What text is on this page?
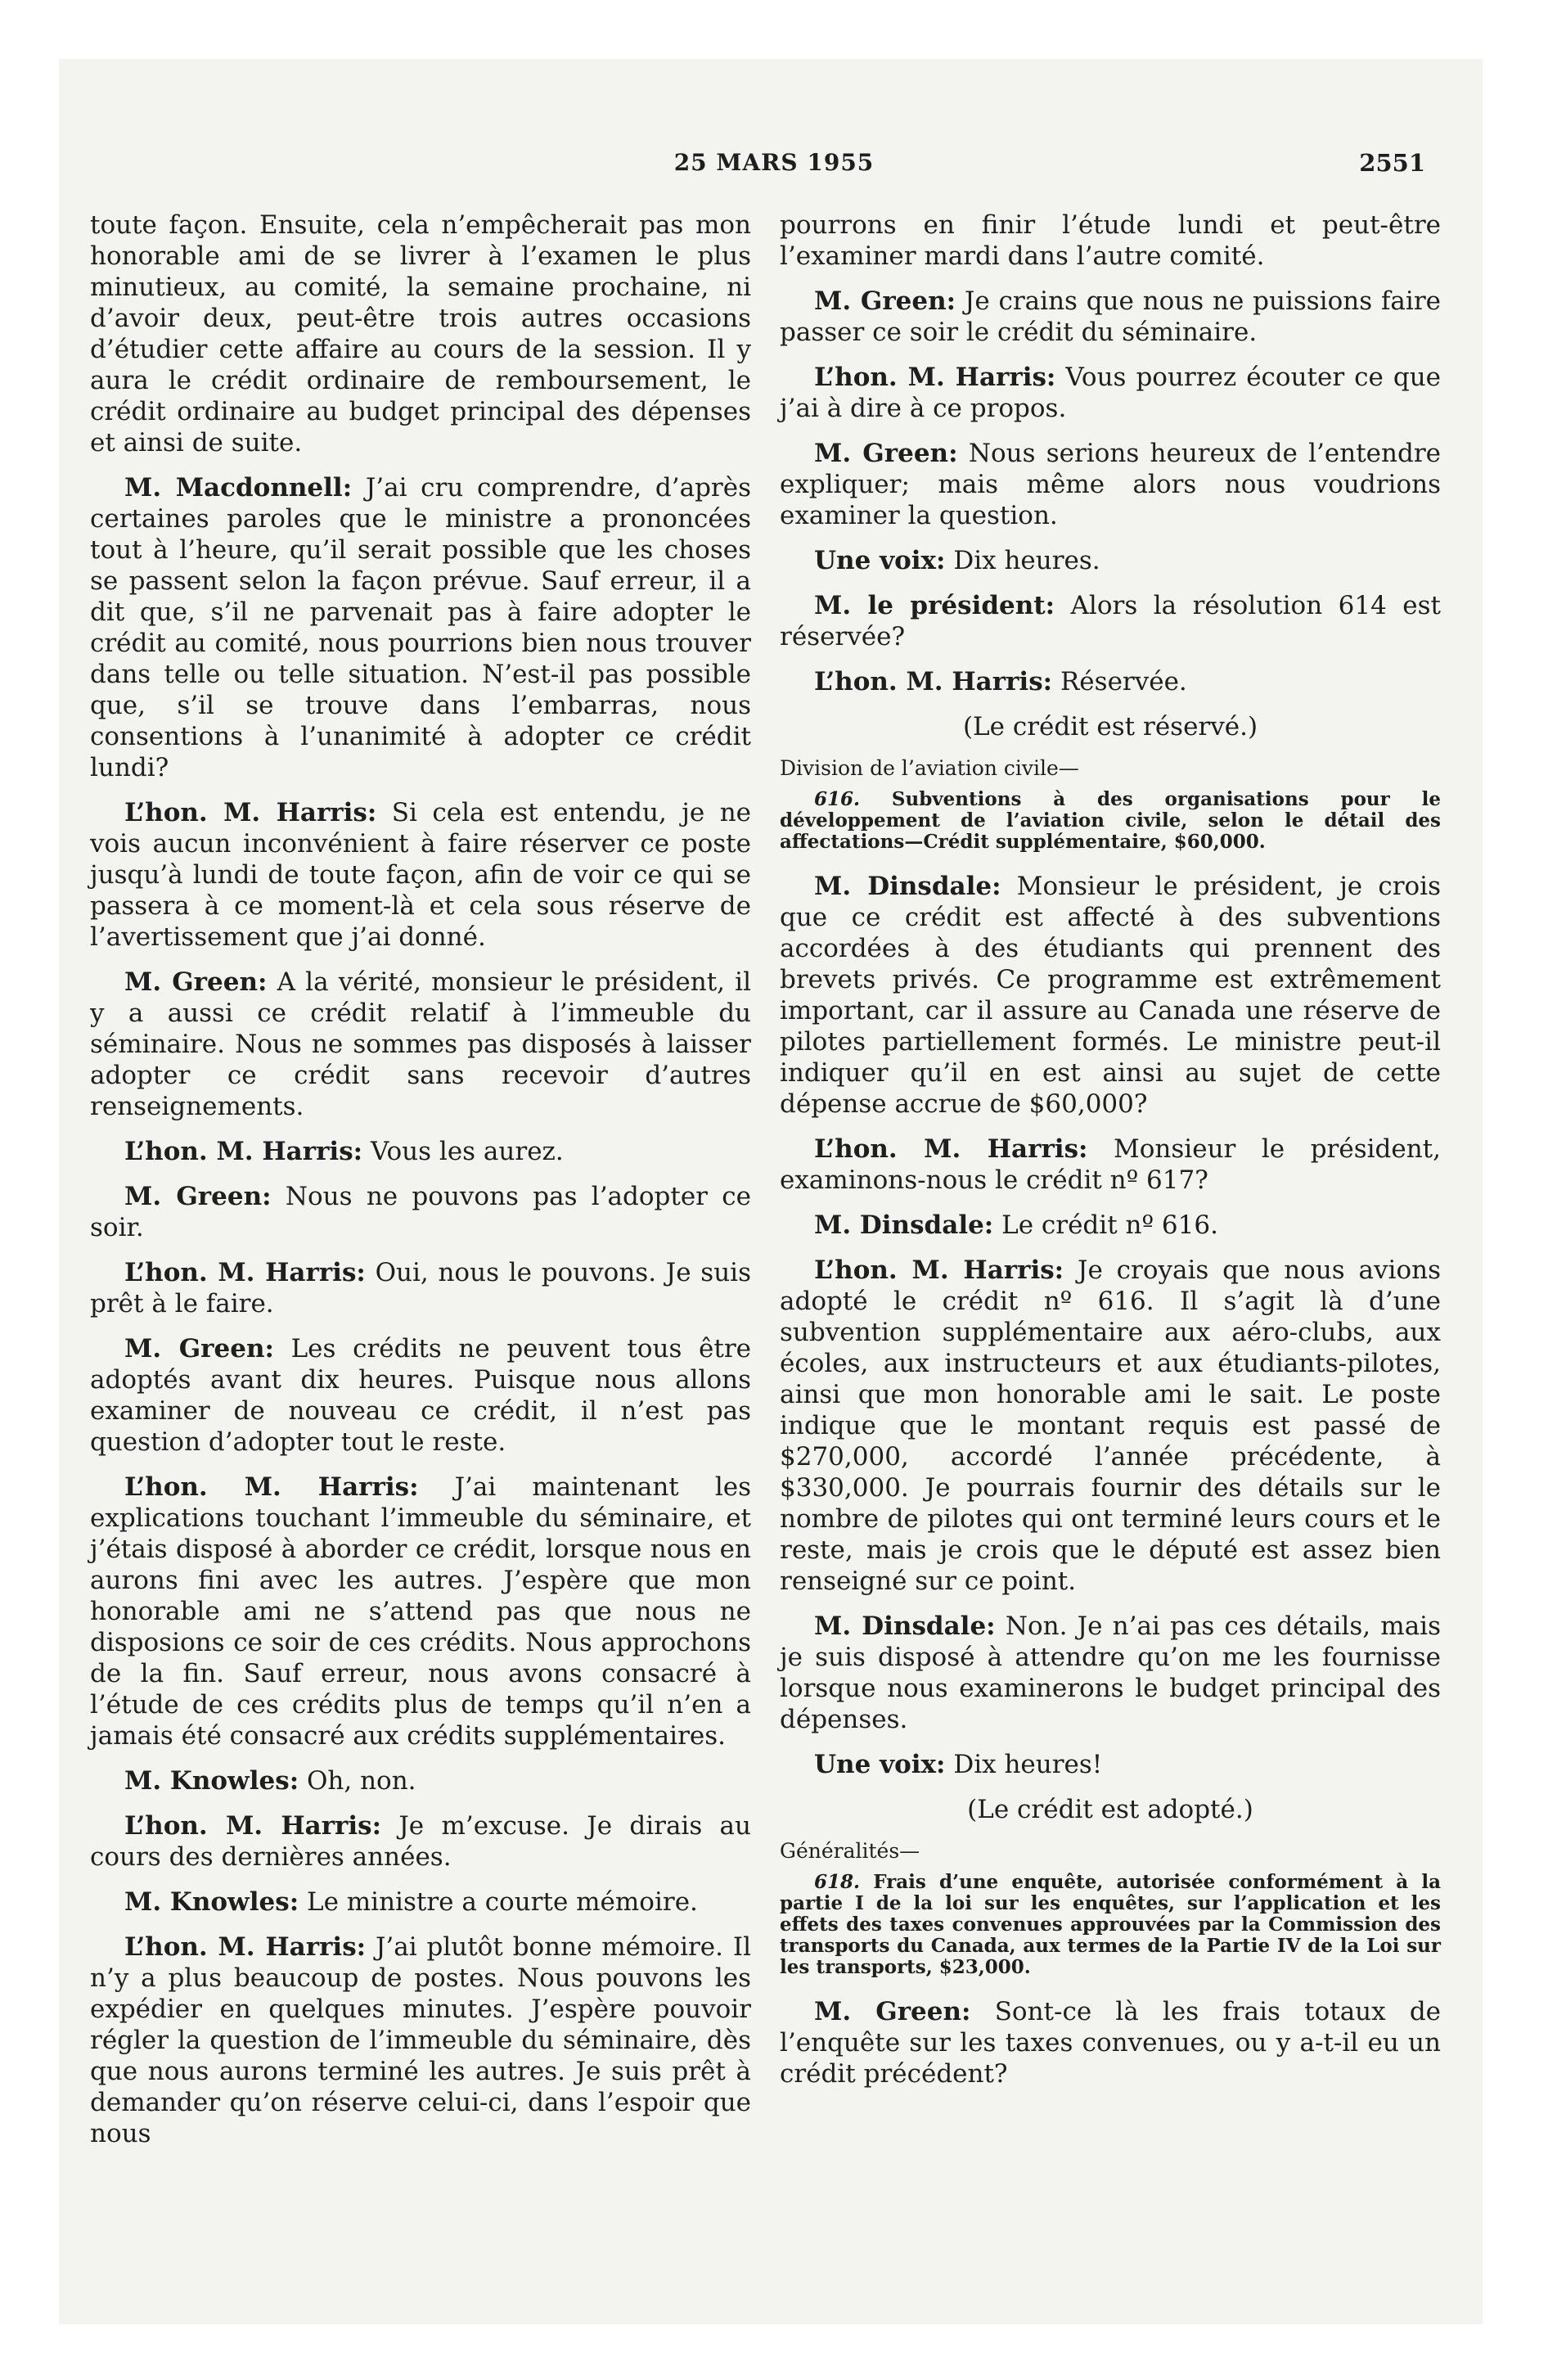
25 MARS 1955	2551

toute façon. Ensuite, cela n’empêcherait pas mon honorable ami de se livrer à l’examen le plus minutieux, au comité, la semaine prochaine, ni d’avoir deux, peut-être trois autres occasions d’étudier cette affaire au cours de la session. Il y aura le crédit ordinaire de remboursement, le crédit ordinaire au budget principal des dépenses et ainsi de suite.

M. Macdonnell: J’ai cru comprendre, d’après certaines paroles que le ministre a prononcées tout à l’heure, qu’il serait possible que les choses se passent selon la façon prévue. Sauf erreur, il a dit que, s’il ne parvenait pas à faire adopter le crédit au comité, nous pourrions bien nous trouver dans telle ou telle situation. N’est-il pas possible que, s’il se trouve dans l’embarras, nous consentions à l’unanimité à adopter ce crédit lundi?

L’hon. M. Harris: Si cela est entendu, je ne vois aucun inconvénient à faire réserver ce poste jusqu’à lundi de toute façon, afin de voir ce qui se passera à ce moment-là et cela sous réserve de l’avertissement que j’ai donné.

M. Green: A la vérité, monsieur le président, il y a aussi ce crédit relatif à l’immeuble du séminaire. Nous ne sommes pas disposés à laisser adopter ce crédit sans recevoir d’autres renseignements.

L’hon. M. Harris: Vous les aurez.

M. Green: Nous ne pouvons pas l’adopter ce soir.

L’hon. M. Harris: Oui, nous le pouvons. Je suis prêt à le faire.

M. Green: Les crédits ne peuvent tous être adoptés avant dix heures. Puisque nous allons examiner de nouveau ce crédit, il n’est pas question d’adopter tout le reste.

L’hon. M. Harris: J’ai maintenant les explications touchant l’immeuble du séminaire, et j’étais disposé à aborder ce crédit, lorsque nous en aurons fini avec les autres. J’espère que mon honorable ami ne s’attend pas que nous ne disposions ce soir de ces crédits. Nous approchons de la fin. Sauf erreur, nous avons consacré à l’étude de ces crédits plus de temps qu’il n’en a jamais été consacré aux crédits supplémentaires.

M. Knowles: Oh, non.

L’hon. M. Harris: Je m’excuse. Je dirais au cours des dernières années.

M. Knowles: Le ministre a courte mémoire.

L’hon. M. Harris: J’ai plutôt bonne mémoire. Il n’y a plus beaucoup de postes. Nous pouvons les expédier en quelques minutes. J’espère pouvoir régler la question de l’immeuble du séminaire, dès que nous aurons terminé les autres. Je suis prêt à demander qu’on réserve celui-ci, dans l’espoir que nous

pourrons en finir l’étude lundi et peut-être l’examiner mardi dans l’autre comité.

M. Green: Je crains que nous ne puissions faire passer ce soir le crédit du séminaire.

L’hon. M. Harris: Vous pourrez écouter ce que j’ai à dire à ce propos.

M. Green: Nous serions heureux de l’entendre expliquer; mais même alors nous voudrions examiner la question.

Une voix: Dix heures.

M. le président: Alors la résolution 614 est réservée?

L’hon. M. Harris: Réservée.

(Le crédit est réservé.)

Division de l’aviation civile—

616. Subventions à des organisations pour le développement de l’aviation civile, selon le détail des affectations—Crédit supplémentaire, $60,000.

M. Dinsdale: Monsieur le président, je crois que ce crédit est affecté à des subventions accordées à des étudiants qui prennent des brevets privés. Ce programme est extrêmement important, car il assure au Canada une réserve de pilotes partiellement formés. Le ministre peut-il indiquer qu’il en est ainsi au sujet de cette dépense accrue de $60,000?

L’hon. M. Harris: Monsieur le président, examinons-nous le crédit nº 617?

M. Dinsdale: Le crédit nº 616.

L’hon. M. Harris: Je croyais que nous avions adopté le crédit nº 616. Il s’agit là d’une subvention supplémentaire aux aéro-clubs, aux écoles, aux instructeurs et aux étudiants-pilotes, ainsi que mon honorable ami le sait. Le poste indique que le montant requis est passé de $270,000, accordé l’année précédente, à $330,000. Je pourrais fournir des détails sur le nombre de pilotes qui ont terminé leurs cours et le reste, mais je crois que le député est assez bien renseigné sur ce point.

M. Dinsdale: Non. Je n’ai pas ces détails, mais je suis disposé à attendre qu’on me les fournisse lorsque nous examinerons le budget principal des dépenses.

Une voix: Dix heures!

(Le crédit est adopté.)

Généralités—

618. Frais d’une enquête, autorisée conformément à la partie I de la loi sur les enquêtes, sur l’application et les effets des taxes convenues approuvées par la Commission des transports du Canada, aux termes de la Partie IV de la Loi sur les transports, $23,000.

M. Green: Sont-ce là les frais totaux de l’enquête sur les taxes convenues, ou y a-t-il eu un crédit précédent?
